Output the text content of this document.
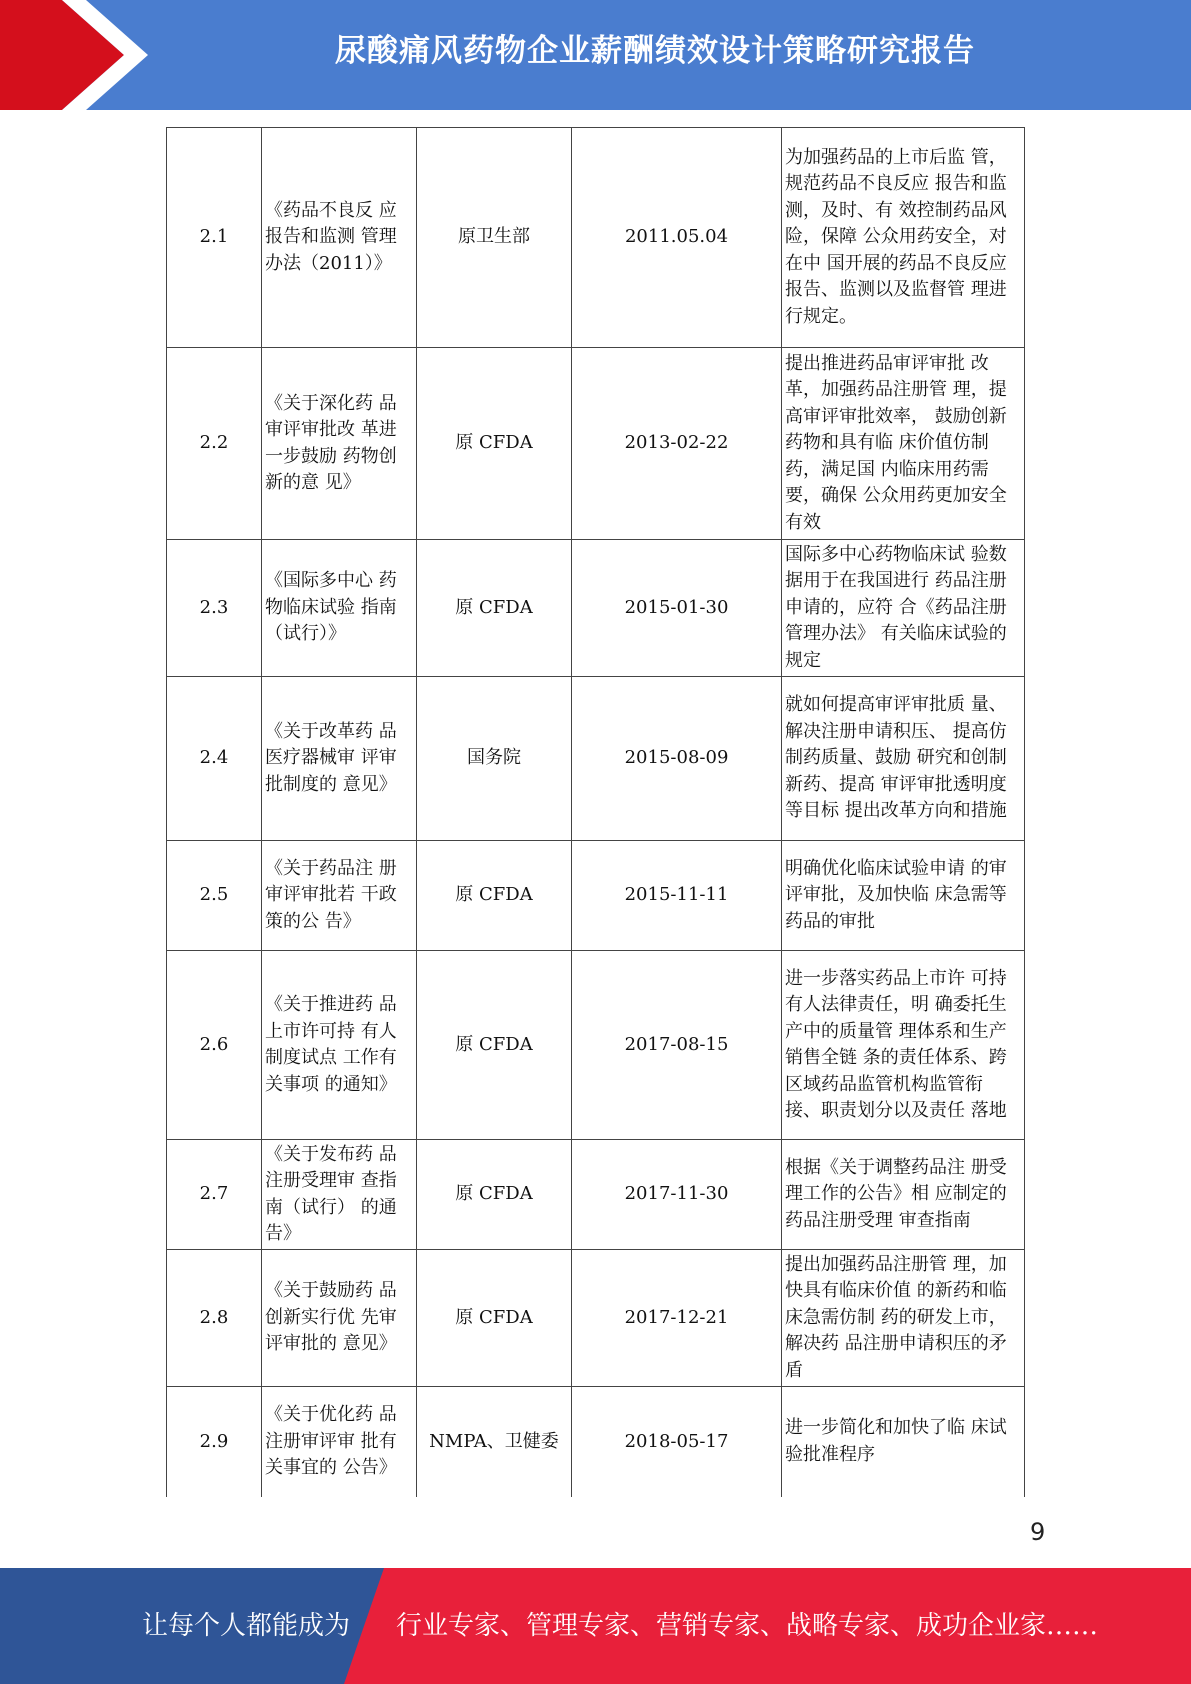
尿酸痛风药物企业薪酬绩效设计策略研究报告
2.1	《药品不良反 应报告和监测 管理办法（2011）》	原卫生部	2011.05.04	为加强药品的上市后监 管，规范药品不良反应 报告和监测，及时、有 效控制药品风险，保障 公众用药安全，对在中 国开展的药品不良反应 报告、监测以及监督管 理进行规定。
2.2	《关于深化药 品审评审批改 革进一步鼓励 药物创新的意 见》	原 CFDA	2013-02-22	提出推进药品审评审批 改革，加强药品注册管 理，提高审评审批效率， 鼓励创新药物和具有临 床价值仿制药，满足国 内临床用药需要，确保 公众用药更加安全有效
2.3	《国际多中心 药物临床试验 指南（试行）》	原 CFDA	2015-01-30	国际多中心药物临床试 验数据用于在我国进行 药品注册申请的，应符 合《药品注册管理办法》 有关临床试验的规定
2.4	《关于改革药 品医疗器械审 评审批制度的 意见》	国务院	2015-08-09	就如何提高审评审批质 量、解决注册申请积压、 提高仿制药质量、鼓励 研究和创制新药、提高 审评审批透明度等目标 提出改革方向和措施
2.5	《关于药品注 册审评审批若 干政策的公 告》	原 CFDA	2015-11-11	明确优化临床试验申请 的审评审批，及加快临 床急需等药品的审批
2.6	《关于推进药 品上市许可持 有人制度试点 工作有关事项 的通知》	原 CFDA	2017-08-15	进一步落实药品上市许 可持有人法律责任，明 确委托生产中的质量管 理体系和生产销售全链 条的责任体系、跨区域药品监管机构监管衔 接、职责划分以及责任 落地
2.7	《关于发布药 品注册受理审 查指南（试行） 的通告》	原 CFDA	2017-11-30	根据《关于调整药品注 册受理工作的公告》相 应制定的药品注册受理 审查指南
2.8	《关于鼓励药 品创新实行优 先审评审批的 意见》	原 CFDA	2017-12-21	提出加强药品注册管 理，加快具有临床价值 的新药和临床急需仿制 药的研发上市，解决药 品注册申请积压的矛盾
2.9	《关于优化药 品注册审评审 批有关事宜的 公告》	NMPA、卫健委	2018-05-17	进一步简化和加快了临 床试验批准程序
9
让每个人都能成为 行业专家、管理专家、营销专家、战略专家、成功企业家……
